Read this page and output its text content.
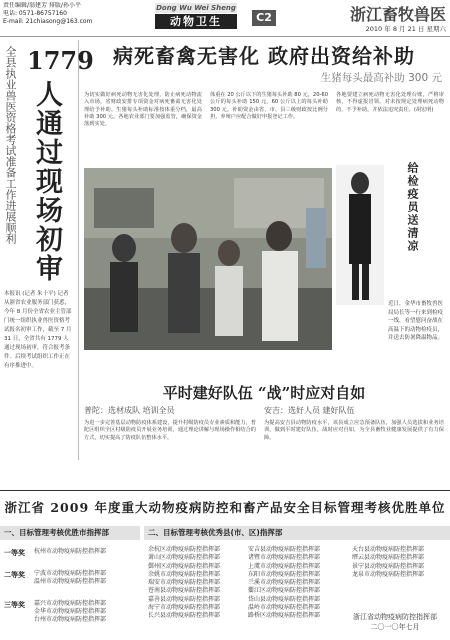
责任编辑/翁建芳 排版/孙小平
电话: 0571-86757160
E-mail: 21chiasong@163.com
Dong Wu Wei Sheng
动物卫生	C2	浙江畜牧兽医
2010 年 8 月 21 日 星期六
全县执业兽医资格考试准备工作进展顺利 1779
人通过现场初审
本报讯 (记者 朱十平) 记者从浙省农业服务部门获悉，今年 8 月份全省农业主管部门统一组织执业兽医资格考试报名初审工作，截至 7 月 31 日，全省共有 1779 人通过现场初审，符合报考条件。后续考试组织工作正在有序推进中。
病死畜禽无害化 政府出资给补助
生猪每头最高补助 300 元
为切实做好病死动物无害化处理，防止病死动物流入市场，省财政安排专项资金对病死畜禽无害化处理给予补助。生猪每头补助标准按体重分档，最高补助 300 元。各地农业部门要加强监管，确保资金落到实处。
体重在 20 公斤以下的生猪每头补助 80 元，20-60 公斤的每头补助 150 元，60 公斤以上的每头补助 300 元。补助资金由省、市、县三级财政按比例分担，养殖户应配合做好申报登记工作。
各地要建立病死动物无害化处理台账，严格审核，不得虚报冒领。对未按规定处理病死动物的，不予补助，并依法追究责任。(胡宏明)
给检疫员送清凉
近日，金华市畜牧兽医局局长等一行来到检疫一线，看望慰问奋战在高温下的动物检疫员，并送去防暑降温物品。
平时建好队伍 “战”时应对自如
普陀：选材成队 培训全员	安吉：选好人员 建好队伍
为进一步完善基层动物防疫体系建设，提升村级防疫员专业素质和能力，普陀区组织全区村级防疫员开展业务培训，通过理论讲解与现场操作相结合的方式，切实提高了防疫队伍整体水平。
为提高安吉县动物防疫水平，该县成立应急预备队伍，加强人员选拔和业务培训，做到平时建好队伍，战时应对自如，为全县畜牧业健康发展提供了有力保障。
浙江省 2009 年度重大动物疫病防控和畜产品安全目标管理考核优胜单位
一、目标管理考核优胜市指挥部	二、目标管理考核优秀县(市、区)指挥部
一等奖 杭州市动物疫病防控指挥部
二等奖 宁波市动物疫病防控指挥部
温州市动物疫病防控指挥部
三等奖 嘉兴市动物疫病防控指挥部
金华市动物疫病防控指挥部
台州市动物疫病防控指挥部
余杭区动物疫病防控指挥部
萧山区动物疫病防控指挥部
鄞州区动物疫病防控指挥部
余姚市动物疫病防控指挥部
瑞安市动物疫病防控指挥部
苍南县动物疫病防控指挥部
嘉善县动物疫病防控指挥部
海宁市动物疫病防控指挥部
长兴县动物疫病防控指挥部
安吉县动物疫病防控指挥部
诸暨市动物疫病防控指挥部
上虞市动物疫病防控指挥部
东阳市动物疫病防控指挥部
兰溪市动物疫病防控指挥部
衢江区动物疫病防控指挥部
岱山县动物疫病防控指挥部
温岭市动物疫病防控指挥部
路桥区动物疫病防控指挥部
天台县动物疫病防控指挥部
缙云县动物疫病防控指挥部
景宁县动物疫病防控指挥部
龙泉市动物疫病防控指挥部
浙江省动物疫病防控指挥部
二〇一〇年七月
